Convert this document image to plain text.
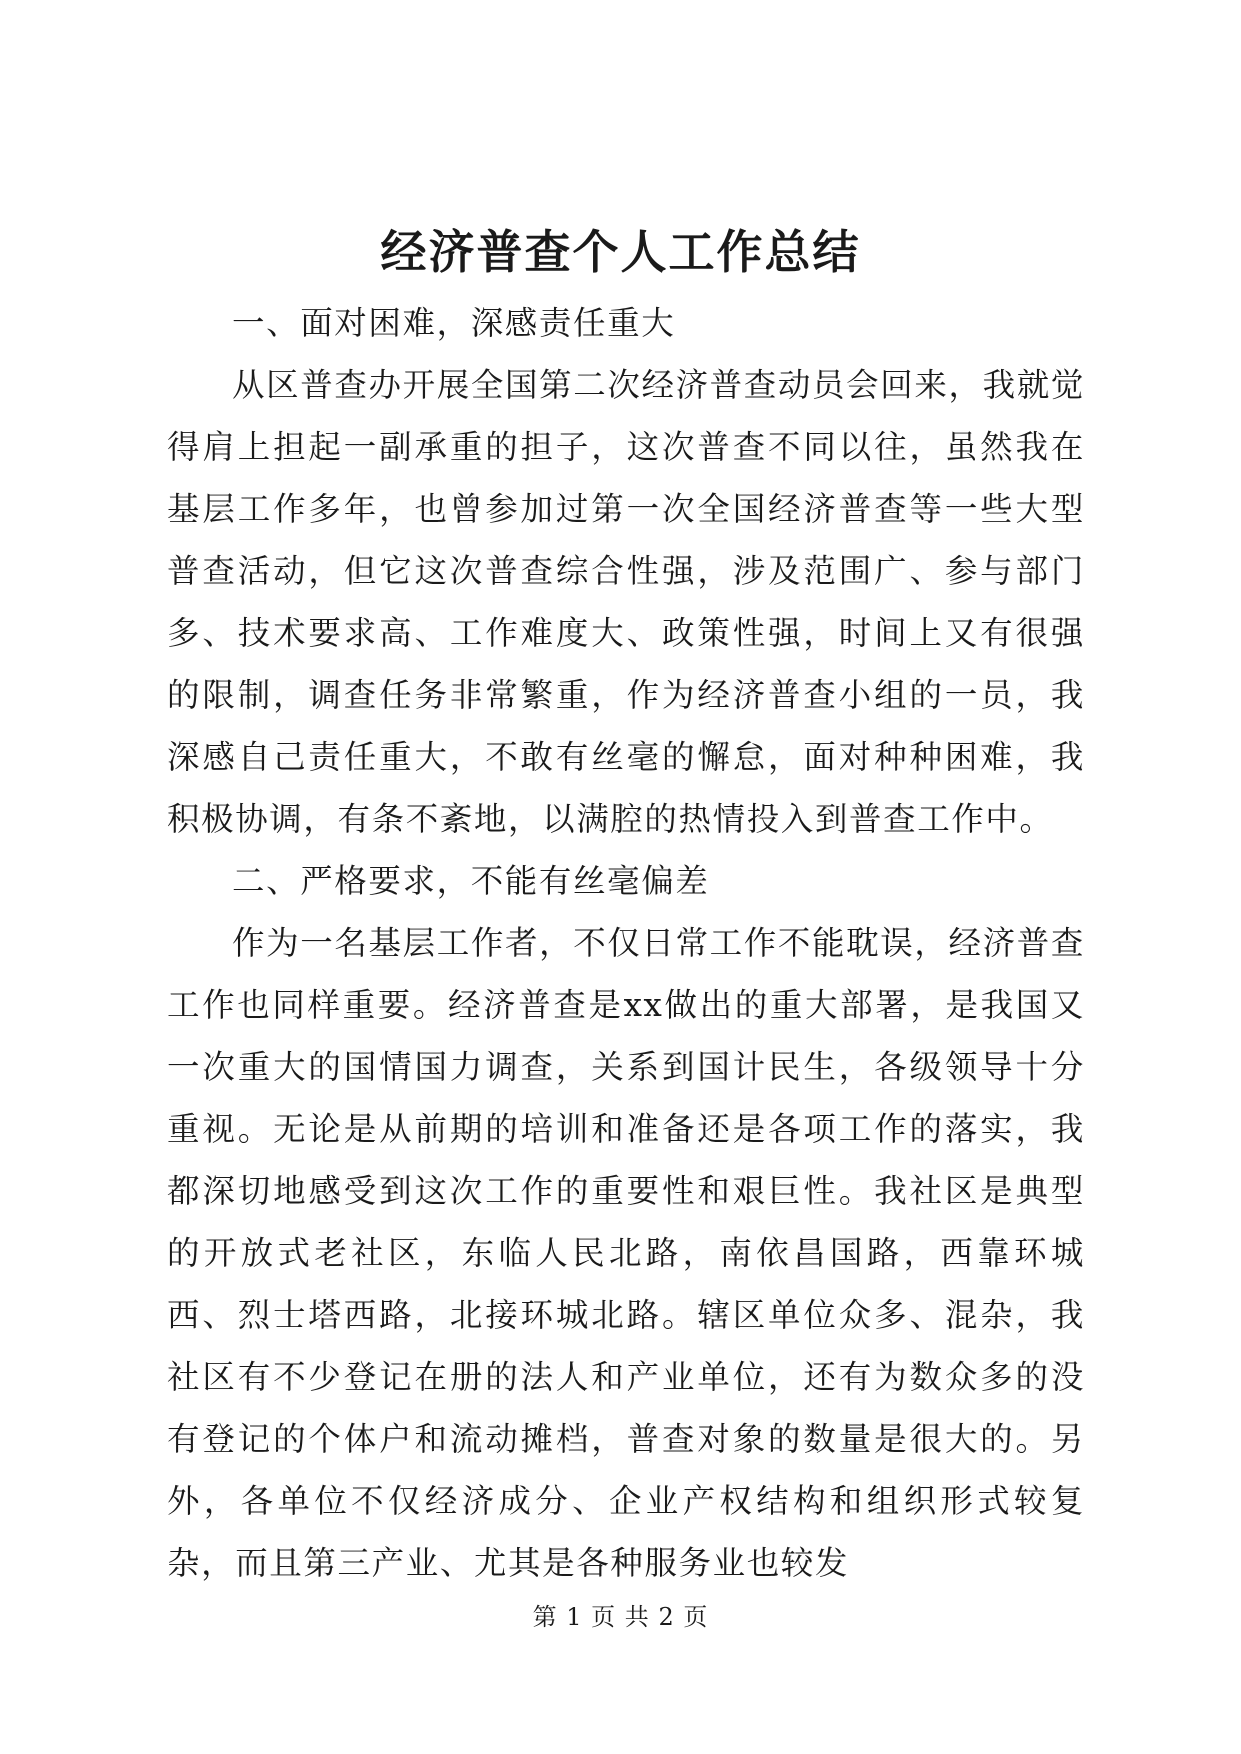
经济普查个人工作总结

一、面对困难，深感责任重大

从区普查办开展全国第二次经济普查动员会回来，我就觉得肩上担起一副承重的担子，这次普查不同以往，虽然我在基层工作多年，也曾参加过第一次全国经济普查等一些大型普查活动，但它这次普查综合性强，涉及范围广、参与部门多、技术要求高、工作难度大、政策性强，时间上又有很强的限制，调查任务非常繁重，作为经济普查小组的一员，我深感自己责任重大，不敢有丝毫的懈怠，面对种种困难，我积极协调，有条不紊地，以满腔的热情投入到普查工作中。

二、严格要求，不能有丝毫偏差

作为一名基层工作者，不仅日常工作不能耽误，经济普查工作也同样重要。经济普查是xx做出的重大部署，是我国又一次重大的国情国力调查，关系到国计民生，各级领导十分重视。无论是从前期的培训和准备还是各项工作的落实，我都深切地感受到这次工作的重要性和艰巨性。我社区是典型的开放式老社区，东临人民北路，南依昌国路，西靠环城西、烈士塔西路，北接环城北路。辖区单位众多、混杂，我社区有不少登记在册的法人和产业单位，还有为数众多的没有登记的个体户和流动摊档，普查对象的数量是很大的。另外，各单位不仅经济成分、企业产权结构和组织形式较复杂，而且第三产业、尤其是各种服务业也较发

第 1 页 共 2 页
